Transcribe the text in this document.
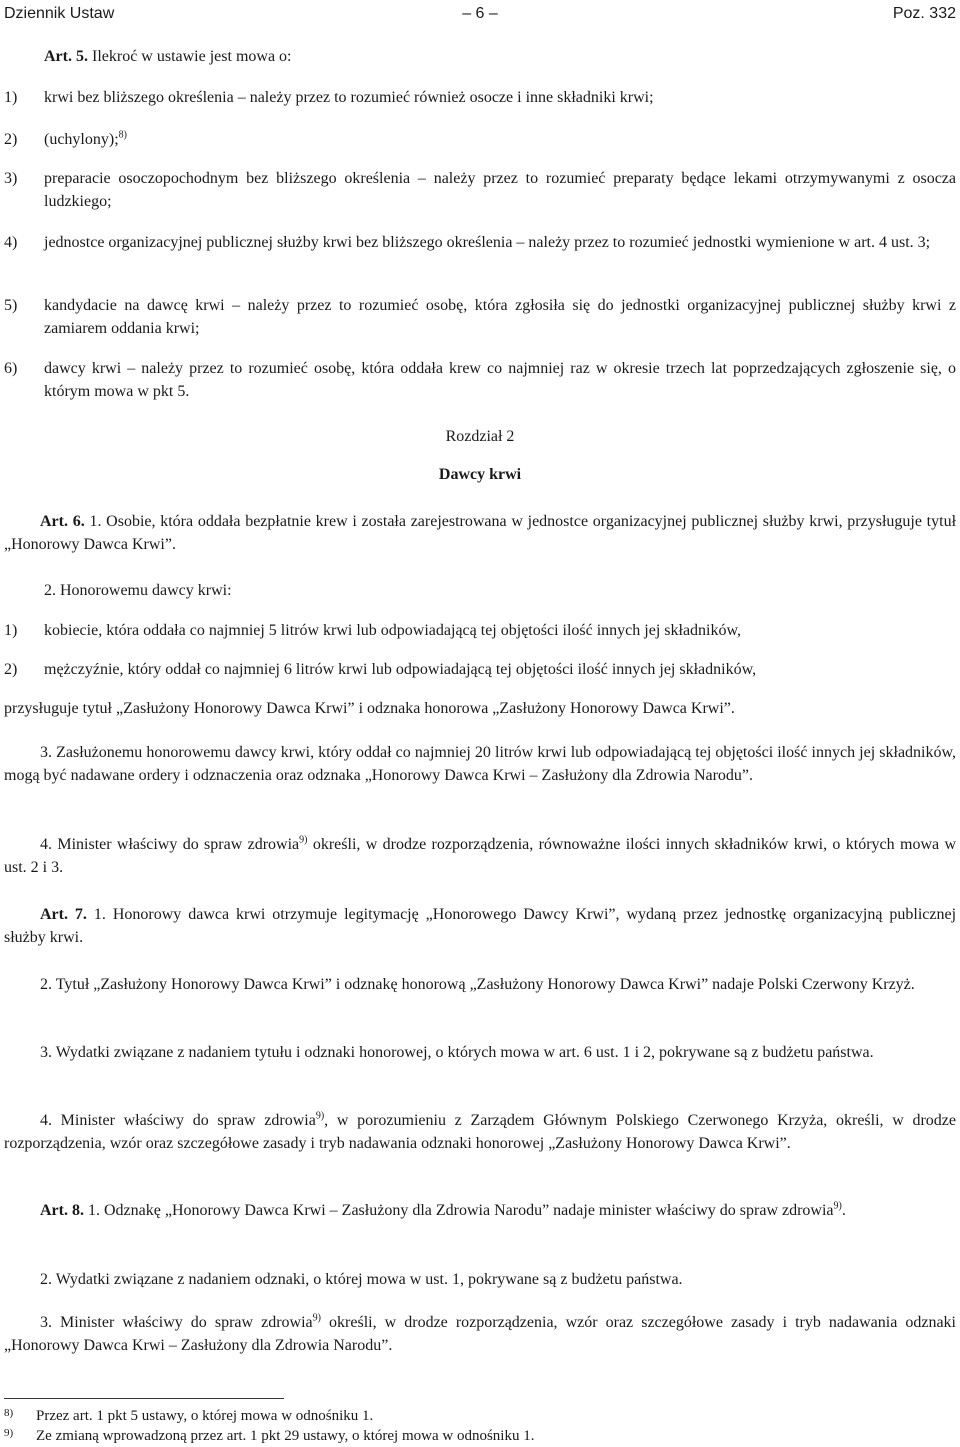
Dziennik Ustaw	– 6 –	Poz. 332
Art. 5. Ilekroć w ustawie jest mowa o:
1)	krwi bez bliższego określenia – należy przez to rozumieć również osocze i inne składniki krwi;
2)	(uchylony);$^{8)}$
3)	preparacie osoczopochodnym bez bliższego określenia – należy przez to rozumieć preparaty będące lekami otrzymywanymi z osocza ludzkiego;
4)	jednostce organizacyjnej publicznej służby krwi bez bliższego określenia – należy przez to rozumieć jednostki wymienione w art. 4 ust. 3;
5)	kandydacie na dawcę krwi – należy przez to rozumieć osobę, która zgłosiła się do jednostki organizacyjnej publicznej służby krwi z zamiarem oddania krwi;
6)	dawcy krwi – należy przez to rozumieć osobę, która oddała krew co najmniej raz w okresie trzech lat poprzedzających zgłoszenie się, o którym mowa w pkt 5.
Rozdział 2
Dawcy krwi
Art. 6. 1. Osobie, która oddała bezpłatnie krew i została zarejestrowana w jednostce organizacyjnej publicznej służby krwi, przysługuje tytuł „Honorowy Dawca Krwi”.
2. Honorowemu dawcy krwi:
1)	kobiecie, która oddała co najmniej 5 litrów krwi lub odpowiadającą tej objętości ilość innych jej składników,
2)	mężczyźnie, który oddał co najmniej 6 litrów krwi lub odpowiadającą tej objętości ilość innych jej składników,
przysługuje tytuł „Zasłużony Honorowy Dawca Krwi” i odznaka honorowa „Zasłużony Honorowy Dawca Krwi”.
3. Zasłużonemu honorowemu dawcy krwi, który oddał co najmniej 20 litrów krwi lub odpowiadającą tej objętości ilość innych jej składników, mogą być nadawane ordery i odznaczenia oraz odznaka „Honorowy Dawca Krwi – Zasłużony dla Zdrowia Narodu”.
4. Minister właściwy do spraw zdrowia$^{9)}$ określi, w drodze rozporządzenia, równoważne ilości innych składników krwi, o których mowa w ust. 2 i 3.
Art. 7. 1. Honorowy dawca krwi otrzymuje legitymację „Honorowego Dawcy Krwi”, wydaną przez jednostkę organizacyjną publicznej służby krwi.
2. Tytuł „Zasłużony Honorowy Dawca Krwi” i odznakę honorową „Zasłużony Honorowy Dawca Krwi” nadaje Polski Czerwony Krzyż.
3. Wydatki związane z nadaniem tytułu i odznaki honorowej, o których mowa w art. 6 ust. 1 i 2, pokrywane są z budżetu państwa.
4. Minister właściwy do spraw zdrowia$^{9)}$, w porozumieniu z Zarządem Głównym Polskiego Czerwonego Krzyża, określi, w drodze rozporządzenia, wzór oraz szczegółowe zasady i tryb nadawania odznaki honorowej „Zasłużony Honorowy Dawca Krwi”.
Art. 8. 1. Odznakę „Honorowy Dawca Krwi – Zasłużony dla Zdrowia Narodu” nadaje minister właściwy do spraw zdrowia$^{9)}$.
2. Wydatki związane z nadaniem odznaki, o której mowa w ust. 1, pokrywane są z budżetu państwa.
3. Minister właściwy do spraw zdrowia$^{9)}$ określi, w drodze rozporządzenia, wzór oraz szczegółowe zasady i tryb nadawania odznaki „Honorowy Dawca Krwi – Zasłużony dla Zdrowia Narodu”.
8) Przez art. 1 pkt 5 ustawy, o której mowa w odnośniku 1.
9) Ze zmianą wprowadzoną przez art. 1 pkt 29 ustawy, o której mowa w odnośniku 1.
